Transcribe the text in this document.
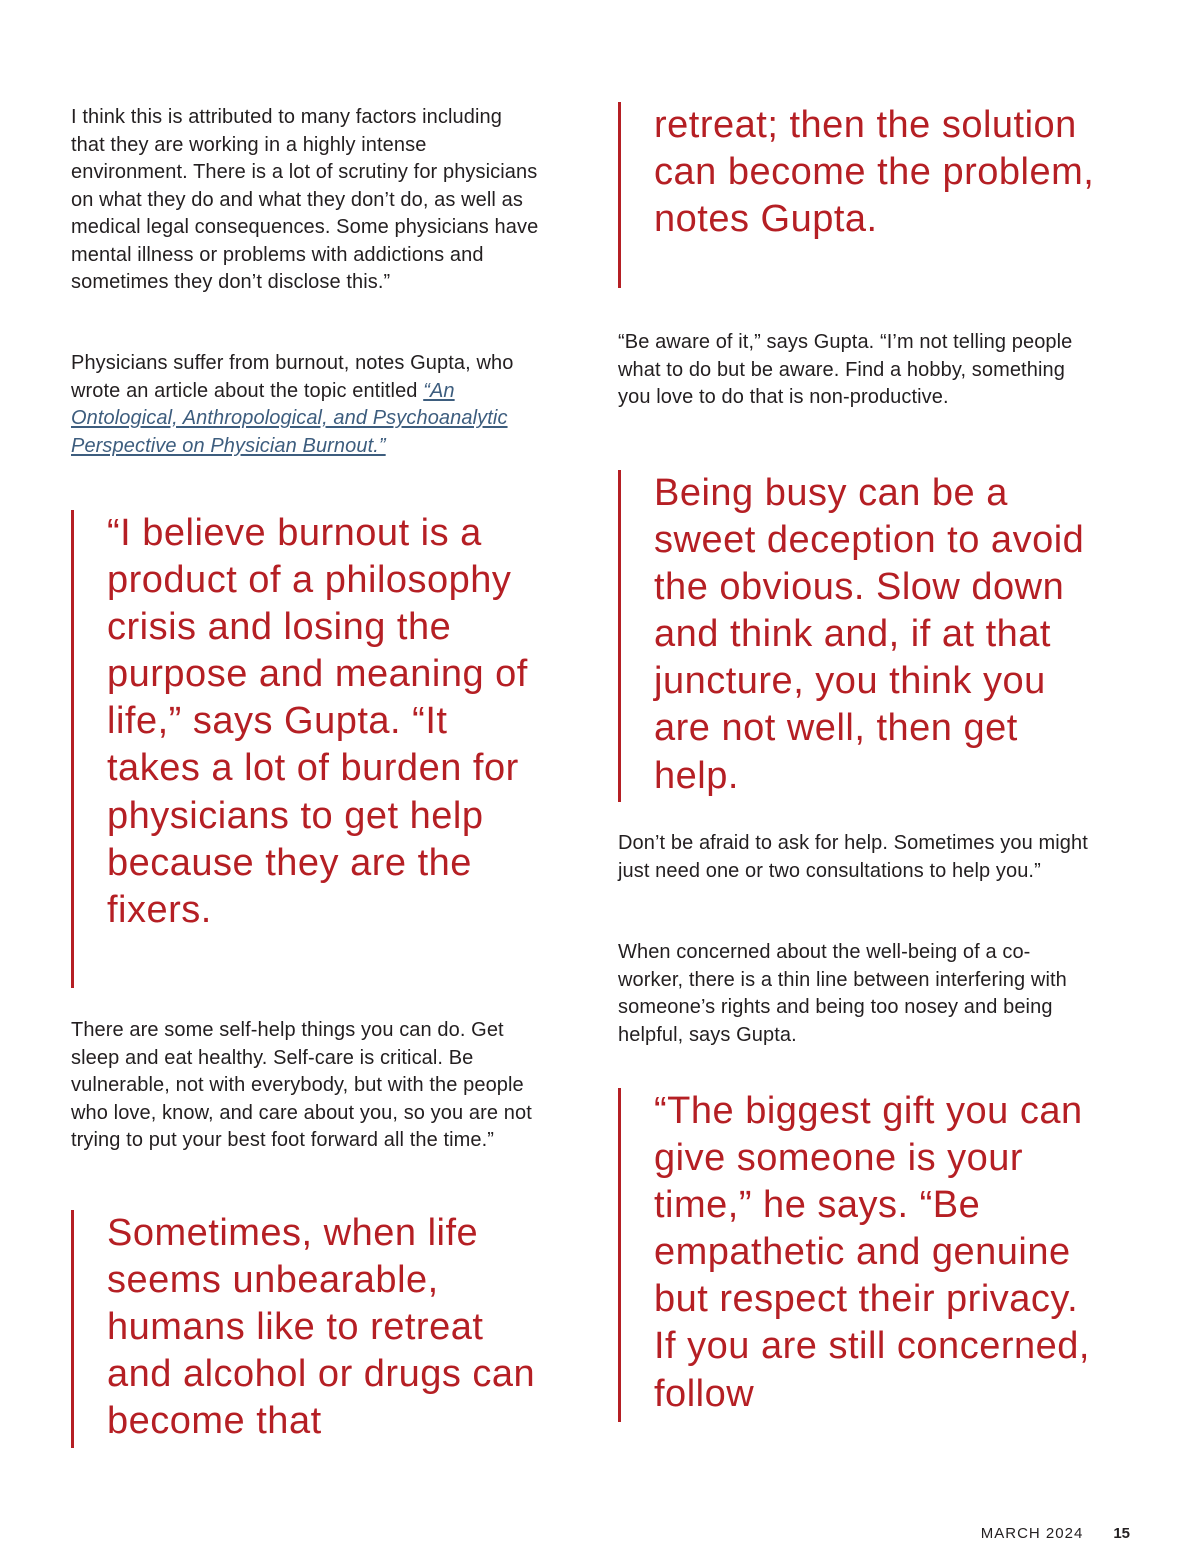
I think this is attributed to many factors including that they are working in a highly intense environment. There is a lot of scrutiny for physicians on what they do and what they don’t do, as well as medical legal consequences. Some physicians have mental illness or problems with addictions and sometimes they don’t disclose this.”

Physicians suffer from burnout, notes Gupta, who wrote an article about the topic entitled “An Ontological, Anthropological, and Psychoanalytic Perspective on Physician Burnout.”

“I believe burnout is a product of a philosophy crisis and losing the purpose and meaning of life,” says Gupta. “It takes a lot of burden for physicians to get help because they are the fixers.

There are some self-help things you can do. Get sleep and eat healthy. Self-care is critical. Be vulnerable, not with everybody, but with the people who love, know, and care about you, so you are not trying to put your best foot forward all the time.”

Sometimes, when life seems unbearable, humans like to retreat and alcohol or drugs can become that

retreat; then the solution can become the problem, notes Gupta.

“Be aware of it,” says Gupta. “I’m not telling people what to do but be aware. Find a hobby, something you love to do that is non-productive.

Being busy can be a sweet deception to avoid the obvious. Slow down and think and, if at that juncture, you think you are not well, then get help.

Don’t be afraid to ask for help. Sometimes you might just need one or two consultations to help you.”

When concerned about the well-being of a co-worker, there is a thin line between interfering with someone’s rights and being too nosey and being helpful, says Gupta.

“The biggest gift you can give someone is your time,” he says. “Be empathetic and genuine but respect their privacy. If you are still concerned, follow

MARCH 2024 15
